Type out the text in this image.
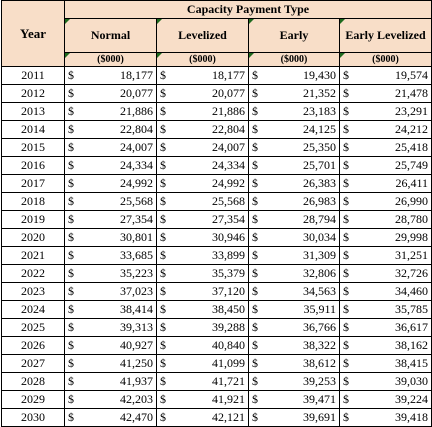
Year	Capacity Payment Type			
	Normal	Levelized	Early	Early Levelized
	($000)	($000)	($000)	($000)
2011	$ 18,177	$ 18,177	$ 19,430	$ 19,574

2012	$ 20,077	$ 20,077	$ 21,352	$ 21,478

2013	$ 21,886	$ 21,886	$ 23,183	$ 23,291

2014	$ 22,804	$ 22,804	$ 24,125	$ 24,212

2015	$ 24,007	$ 24,007	$ 25,350	$ 25,418

2016	$ 24,334	$ 24,334	$ 25,701	$ 25,749

2017	$ 24,992	$ 24,992	$ 26,383	$ 26,411

2018	$ 25,568	$ 25,568	$ 26,983	$ 26,990

2019	$ 27,354	$ 27,354	$ 28,794	$ 28,780

2020	$ 30,801	$ 30,946	$ 30,034	$ 29,998

2021	$ 33,685	$ 33,899	$ 31,309	$ 31,251

2022	$ 35,223	$ 35,379	$ 32,806	$ 32,726

2023	$ 37,023	$ 37,120	$ 34,563	$ 34,460

2024	$ 38,414	$ 38,450	$ 35,911	$ 35,785

2025	$ 39,313	$ 39,288	$ 36,766	$ 36,617

2026	$ 40,927	$ 40,840	$ 38,322	$ 38,162

2027	$ 41,250	$ 41,099	$ 38,612	$ 38,415

2028	$ 41,937	$ 41,721	$ 39,253	$ 39,030

2029	$ 42,203	$ 41,921	$ 39,471	$ 39,224

2030	$ 42,470	$ 42,121	$ 39,691	$ 39,418
